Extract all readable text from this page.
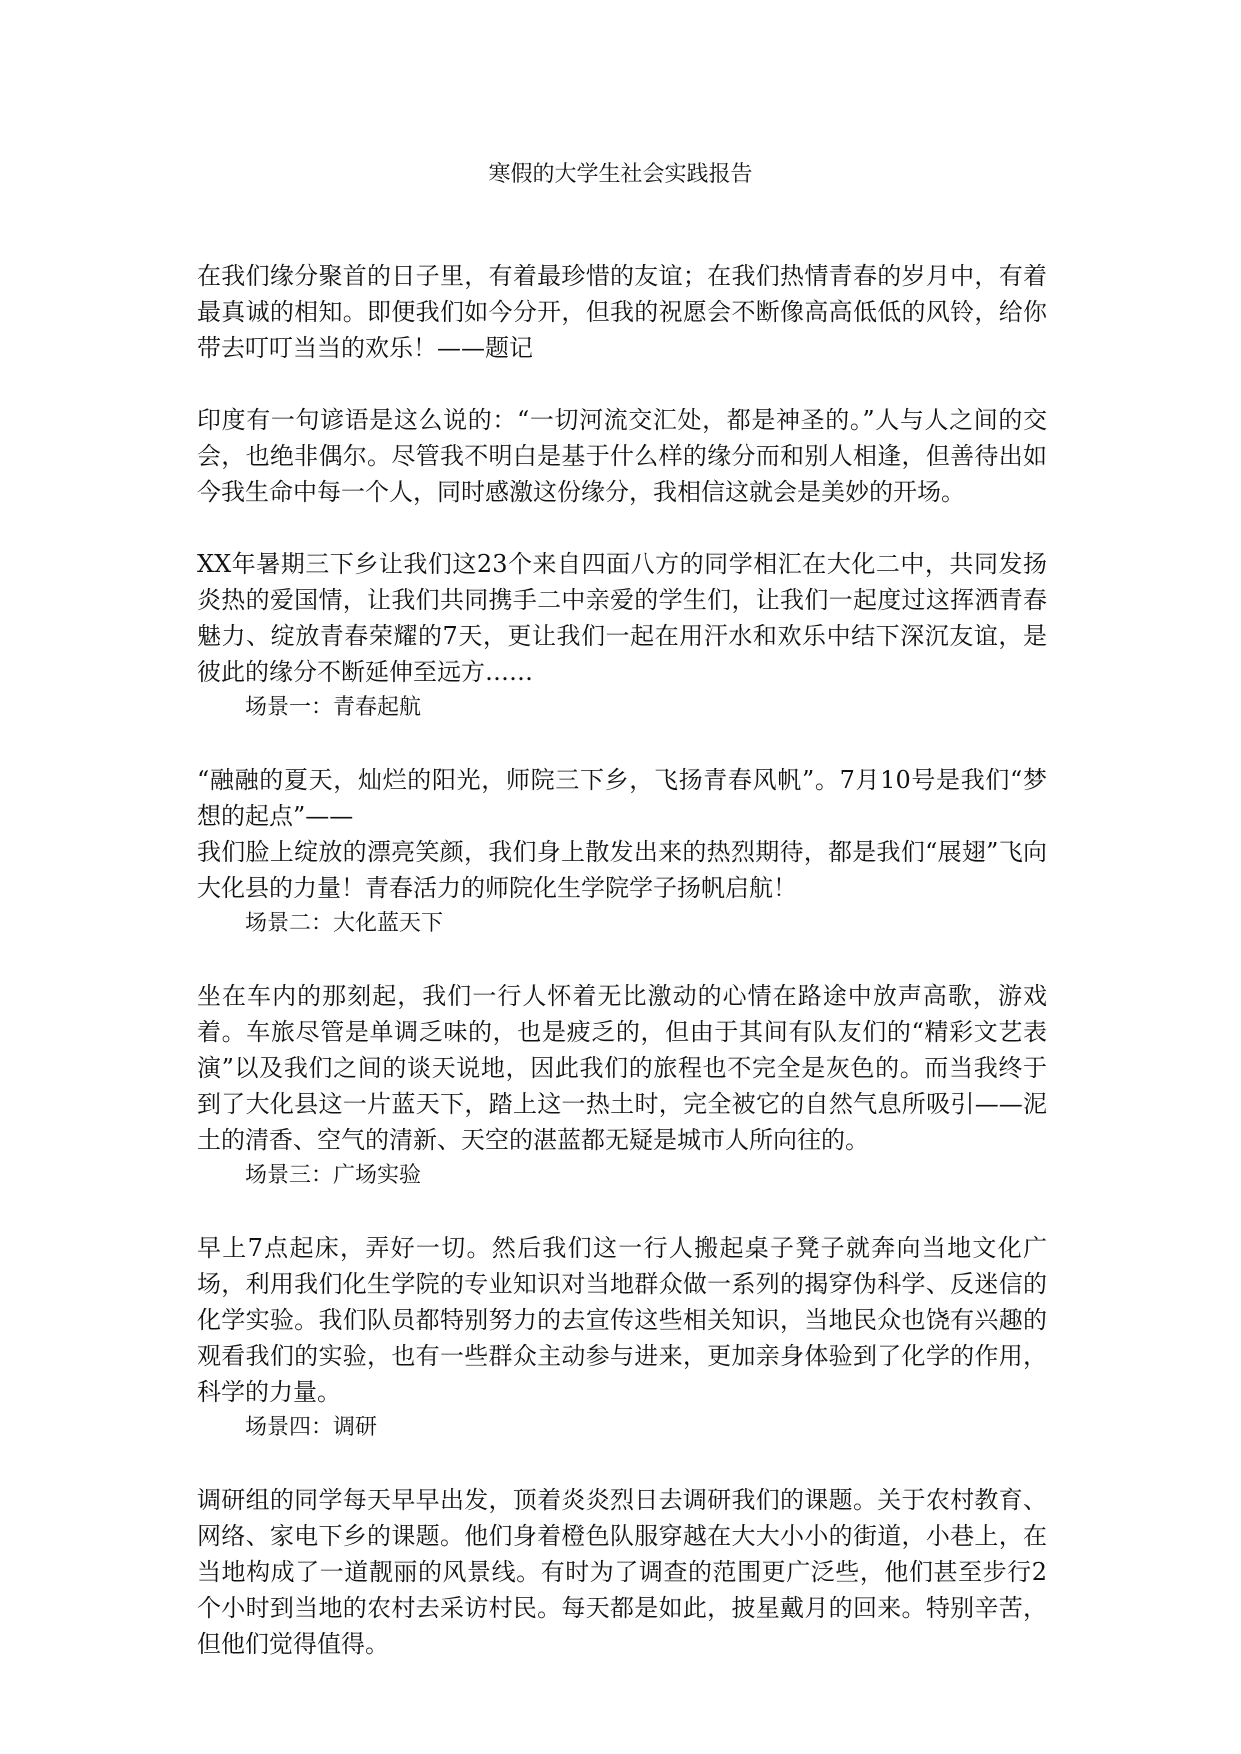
寒假的大学生社会实践报告

在我们缘分聚首的日子里，有着最珍惜的友谊；在我们热情青春的岁月中，有着最真诚的相知。即便我们如今分开，但我的祝愿会不断像高高低低的风铃，给你带去叮叮当当的欢乐！——题记

印度有一句谚语是这么说的：“一切河流交汇处，都是神圣的。”人与人之间的交会，也绝非偶尔。尽管我不明白是基于什么样的缘分而和别人相逢，但善待出如今我生命中每一个人，同时感激这份缘分，我相信这就会是美妙的开场。

XX年暑期三下乡让我们这23个来自四面八方的同学相汇在大化二中，共同发扬炎热的爱国情，让我们共同携手二中亲爱的学生们，让我们一起度过这挥洒青春魅力、绽放青春荣耀的7天，更让我们一起在用汗水和欢乐中结下深沉友谊，是彼此的缘分不断延伸至远方……

场景一：青春起航

“融融的夏天，灿烂的阳光，师院三下乡，飞扬青春风帆”。7月10号是我们“梦想的起点”——

我们脸上绽放的漂亮笑颜，我们身上散发出来的热烈期待，都是我们“展翅”飞向大化县的力量！青春活力的师院化生学院学子扬帆启航！

场景二：大化蓝天下

坐在车内的那刻起，我们一行人怀着无比激动的心情在路途中放声高歌，游戏着。车旅尽管是单调乏味的，也是疲乏的，但由于其间有队友们的“精彩文艺表演”以及我们之间的谈天说地，因此我们的旅程也不完全是灰色的。而当我终于到了大化县这一片蓝天下，踏上这一热土时，完全被它的自然气息所吸引——泥土的清香、空气的清新、天空的湛蓝都无疑是城市人所向往的。

场景三：广场实验

早上7点起床，弄好一切。然后我们这一行人搬起桌子凳子就奔向当地文化广场，利用我们化生学院的专业知识对当地群众做一系列的揭穿伪科学、反迷信的化学实验。我们队员都特别努力的去宣传这些相关知识，当地民众也饶有兴趣的观看我们的实验，也有一些群众主动参与进来，更加亲身体验到了化学的作用，科学的力量。

场景四：调研

调研组的同学每天早早出发，顶着炎炎烈日去调研我们的课题。关于农村教育、网络、家电下乡的课题。他们身着橙色队服穿越在大大小小的街道，小巷上，在当地构成了一道靓丽的风景线。有时为了调查的范围更广泛些，他们甚至步行2个小时到当地的农村去采访村民。每天都是如此，披星戴月的回来。特别辛苦，但他们觉得值得。
